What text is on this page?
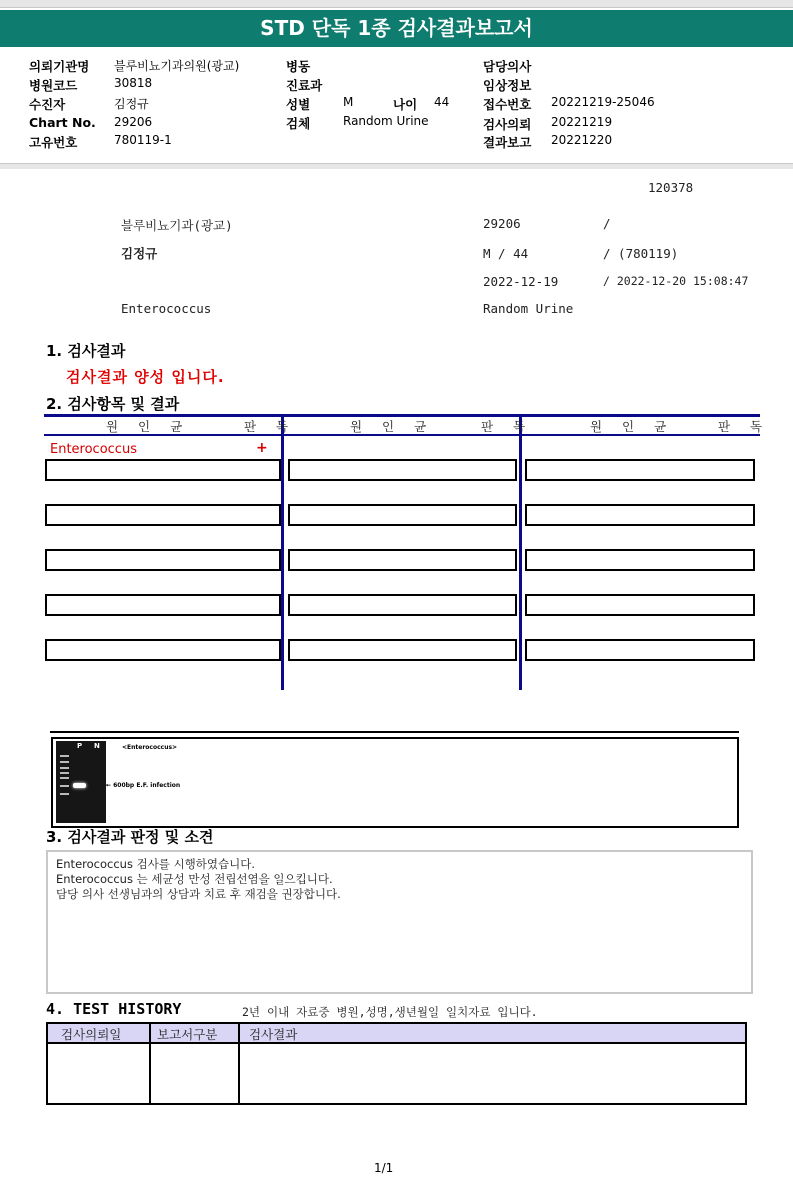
STD 단독 1종 검사결과보고서
의뢰기관명 블루비뇨기과의원(광교)
병원코드	30818
수진자	김정규
Chart No. 29206
고유번호	780119-1
병동
진료과
성별	M	나이 44
검체	Random Urine
담당의사
임상정보
접수번호 20221219-25046
검사의뢰 20221219
결과보고 20221220
120378
블루비뇨기과(광교)	29206	/
김정규	M / 44	/ (780119)
2022-12-19	/ 2022-12-20 15:08:47
Enterococcus	Random Urine
1. 검사결과
검사결과 양성 입니다.
2. 검사항목 및 결과
원 인 균	판 독	원 인 균	판 독	원 인 균	판 독
Enterococcus	+
P N	<Enterococcus>
← 600bp E.F. infection
3. 검사결과 판정 및 소견
Enterococcus 검사를 시행하였습니다.
Enterococcus 는 세균성 만성 전립선염을 일으킵니다.
담당 의사 선생님과의 상담과 치료 후 재검을 권장합니다.
4. TEST HISTORY	2년 이내 자료중 병원,성명,생년월일 일치자료 입니다.
검사의뢰일	보고서구분	검사결과
1/1
